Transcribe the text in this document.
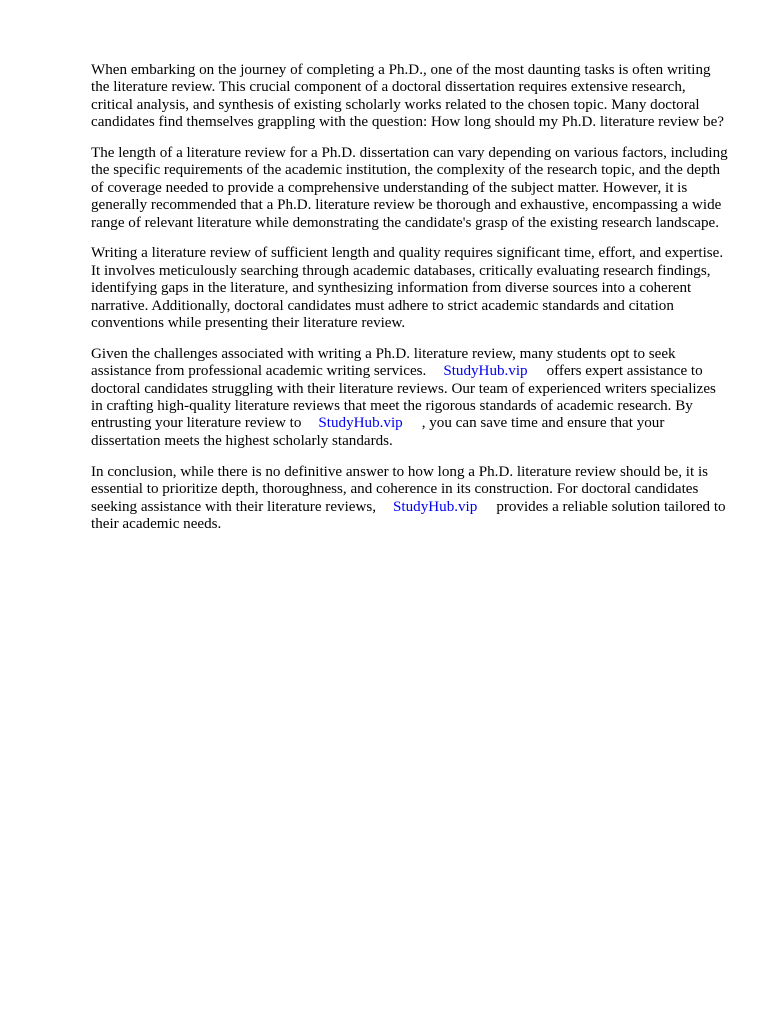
When embarking on the journey of completing a Ph.D., one of the most daunting tasks is often writing the literature review. This crucial component of a doctoral dissertation requires extensive research, critical analysis, and synthesis of existing scholarly works related to the chosen topic. Many doctoral candidates find themselves grappling with the question: How long should my Ph.D. literature review be?

The length of a literature review for a Ph.D. dissertation can vary depending on various factors, including the specific requirements of the academic institution, the complexity of the research topic, and the depth of coverage needed to provide a comprehensive understanding of the subject matter. However, it is generally recommended that a Ph.D. literature review be thorough and exhaustive, encompassing a wide range of relevant literature while demonstrating the candidate's grasp of the existing research landscape.

Writing a literature review of sufficient length and quality requires significant time, effort, and expertise. It involves meticulously searching through academic databases, critically evaluating research findings, identifying gaps in the literature, and synthesizing information from diverse sources into a coherent narrative. Additionally, doctoral candidates must adhere to strict academic standards and citation conventions while presenting their literature review.

Given the challenges associated with writing a Ph.D. literature review, many students opt to seek assistance from professional academic writing services. StudyHub.vip offers expert assistance to doctoral candidates struggling with their literature reviews. Our team of experienced writers specializes in crafting high-quality literature reviews that meet the rigorous standards of academic research. By entrusting your literature review to StudyHub.vip , you can save time and ensure that your dissertation meets the highest scholarly standards.

In conclusion, while there is no definitive answer to how long a Ph.D. literature review should be, it is essential to prioritize depth, thoroughness, and coherence in its construction. For doctoral candidates seeking assistance with their literature reviews, StudyHub.vip provides a reliable solution tailored to their academic needs.
